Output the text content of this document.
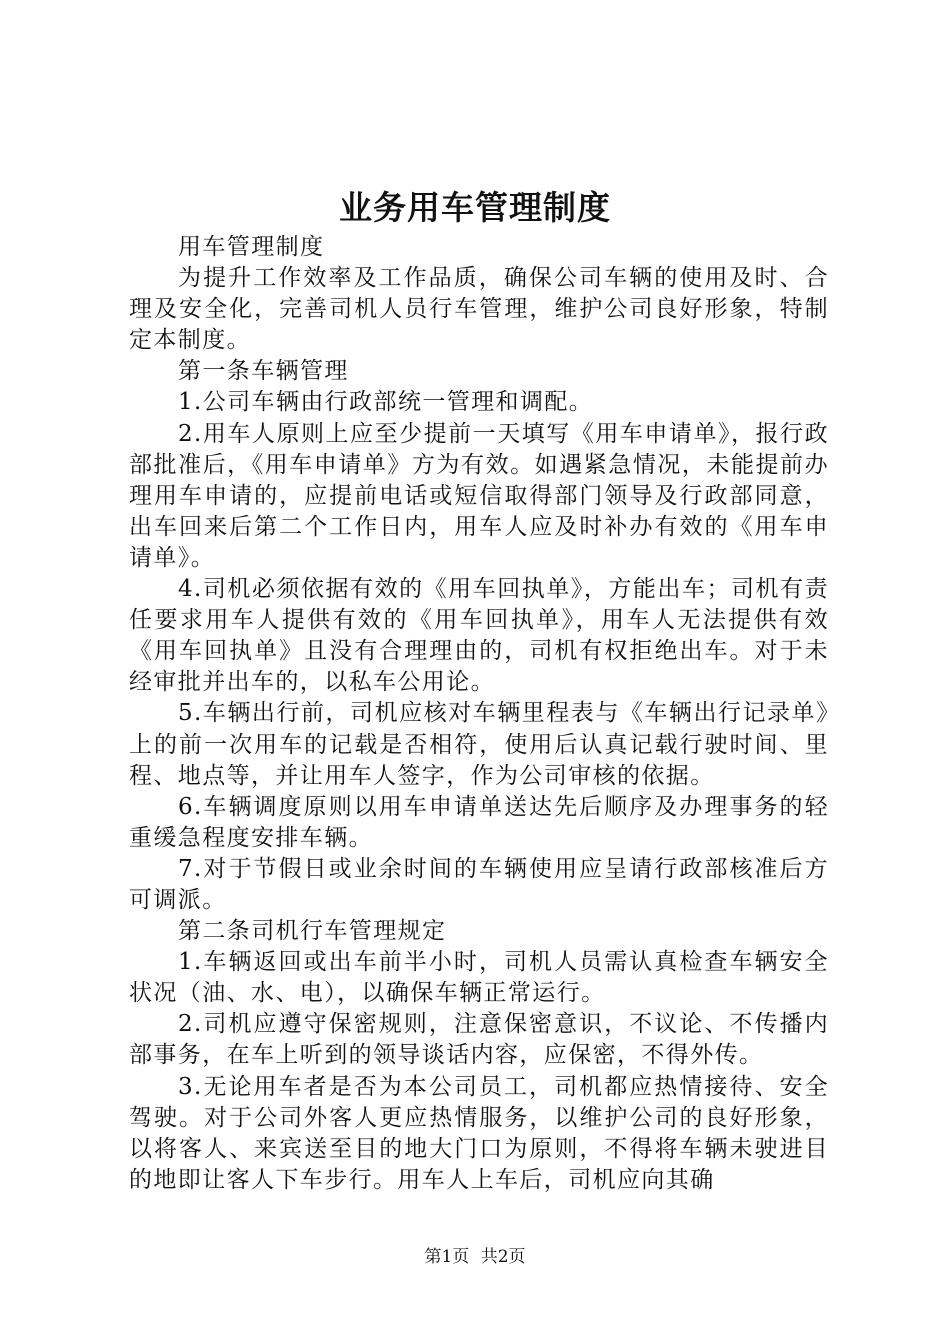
业务用车管理制度

用车管理制度

为提升工作效率及工作品质，确保公司车辆的使用及时、合理及安全化，完善司机人员行车管理，维护公司良好形象，特制定本制度。

第一条车辆管理

1.公司车辆由行政部统一管理和调配。

2.用车人原则上应至少提前一天填写《用车申请单》，报行政部批准后，《用车申请单》方为有效。如遇紧急情况，未能提前办理用车申请的，应提前电话或短信取得部门领导及行政部同意，出车回来后第二个工作日内，用车人应及时补办有效的《用车申请单》。

4.司机必须依据有效的《用车回执单》，方能出车；司机有责任要求用车人提供有效的《用车回执单》，用车人无法提供有效《用车回执单》且没有合理理由的，司机有权拒绝出车。对于未经审批并出车的，以私车公用论。

5.车辆出行前，司机应核对车辆里程表与《车辆出行记录单》上的前一次用车的记载是否相符，使用后认真记载行驶时间、里程、地点等，并让用车人签字，作为公司审核的依据。

6.车辆调度原则以用车申请单送达先后顺序及办理事务的轻重缓急程度安排车辆。

7.对于节假日或业余时间的车辆使用应呈请行政部核准后方可调派。

第二条司机行车管理规定

1.车辆返回或出车前半小时，司机人员需认真检查车辆安全状况（油、水、电），以确保车辆正常运行。

2.司机应遵守保密规则，注意保密意识，不议论、不传播内部事务，在车上听到的领导谈话内容，应保密，不得外传。

3.无论用车者是否为本公司员工，司机都应热情接待、安全驾驶。对于公司外客人更应热情服务，以维护公司的良好形象，以将客人、来宾送至目的地大门口为原则，不得将车辆未驶进目的地即让客人下车步行。用车人上车后，司机应向其确

第1页 共2页
